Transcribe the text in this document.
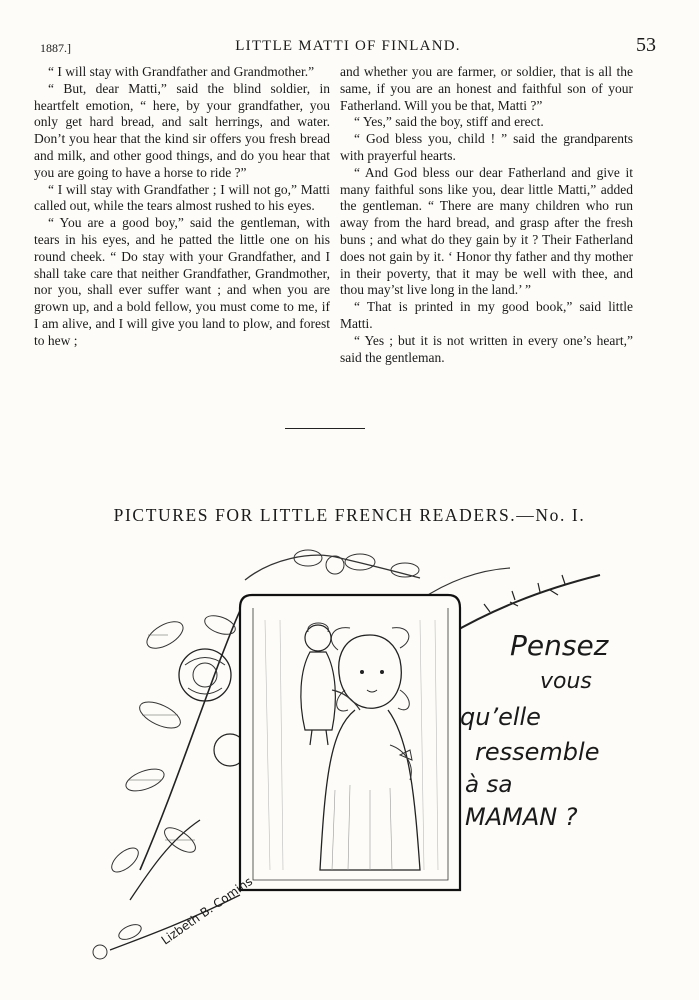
1887.]	LITTLE MATTI OF FINLAND.	53

“ I will stay with Grandfather and Grandmother.”

“ But, dear Matti,” said the blind soldier, in heartfelt emotion, “ here, by your grandfather, you only get hard bread, and salt herrings, and water. Don’t you hear that the kind sir offers you fresh bread and milk, and other good things, and do you hear that you are going to have a horse to ride ?”

“ I will stay with Grandfather ; I will not go,” Matti called out, while the tears almost rushed to his eyes.

“ You are a good boy,” said the gentleman, with tears in his eyes, and he patted the little one on his round cheek. “ Do stay with your Grandfather, and I shall take care that neither Grandfather, Grandmother, nor you, shall ever suffer want ; and when you are grown up, and a bold fellow, you must come to me, if I am alive, and I will give you land to plow, and forest to hew ;

and whether you are farmer, or soldier, that is all the same, if you are an honest and faithful son of your Fatherland. Will you be that, Matti ?”

“ Yes,” said the boy, stiff and erect.

“ God bless you, child ! ” said the grandparents with prayerful hearts.

“ And God bless our dear Fatherland and give it many faithful sons like you, dear little Matti,” added the gentleman. “ There are many children who run away from the hard bread, and grasp after the fresh buns ; and what do they gain by it ? Their Fatherland does not gain by it. ‘ Honor thy father and thy mother in their poverty, that it may be well with thee, and thou may’st live long in the land.’ ”

“ That is printed in my good book,” said little Matti.

“ Yes ; but it is not written in every one’s heart,” said the gentleman.

PICTURES FOR LITTLE FRENCH READERS.—No. I.
Lizbeth B. Comins
Pensez
vous
qu’elle
ressemble
à sa
MAMAN ?
